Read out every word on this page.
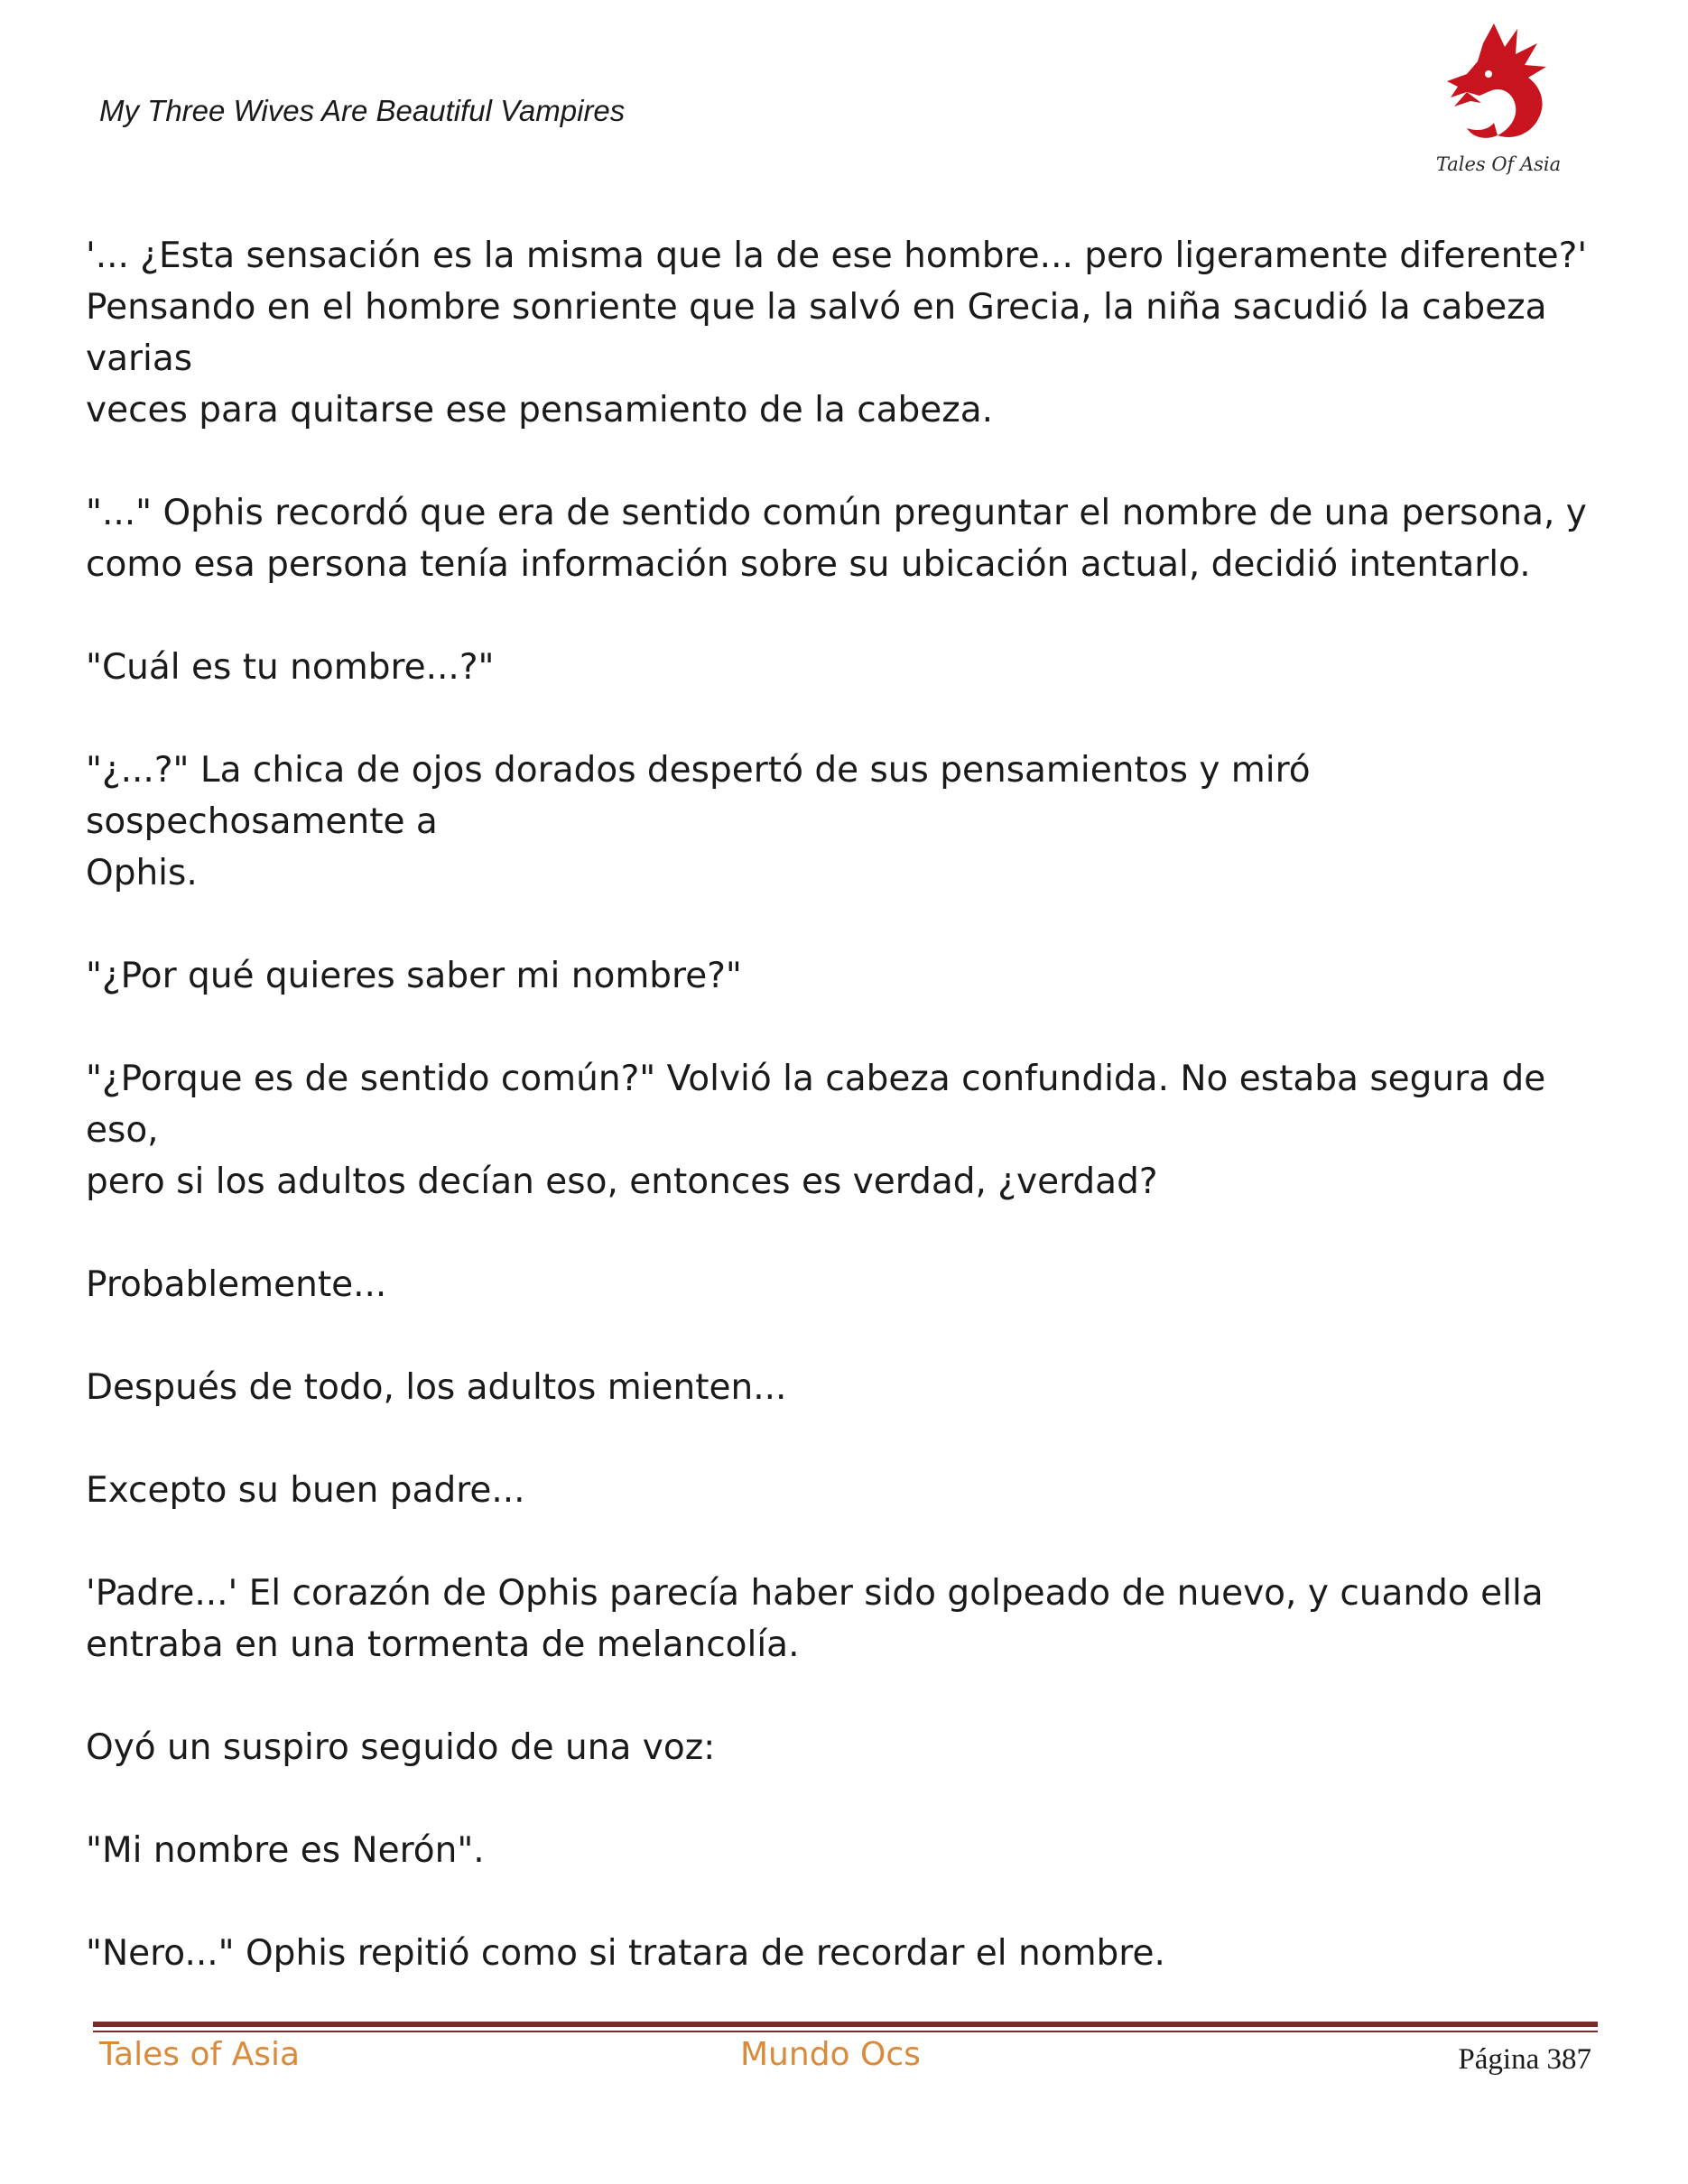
My Three Wives Are Beautiful Vampires
Tales Of Asia

'... ¿Esta sensación es la misma que la de ese hombre... pero ligeramente diferente?'
Pensando en el hombre sonriente que la salvó en Grecia, la niña sacudió la cabeza varias
veces para quitarse ese pensamiento de la cabeza.

"..." Ophis recordó que era de sentido común preguntar el nombre de una persona, y
como esa persona tenía información sobre su ubicación actual, decidió intentarlo.

"Cuál es tu nombre...?"

"¿...?" La chica de ojos dorados despertó de sus pensamientos y miró sospechosamente a
Ophis.

"¿Por qué quieres saber mi nombre?"

"¿Porque es de sentido común?" Volvió la cabeza confundida. No estaba segura de eso,
pero si los adultos decían eso, entonces es verdad, ¿verdad?

Probablemente...

Después de todo, los adultos mienten...

Excepto su buen padre...

'Padre...' El corazón de Ophis parecía haber sido golpeado de nuevo, y cuando ella
entraba en una tormenta de melancolía.

Oyó un suspiro seguido de una voz:

"Mi nombre es Nerón".

"Nero..." Ophis repitió como si tratara de recordar el nombre.

Tales of Asia	Mundo Ocs	Página 387
